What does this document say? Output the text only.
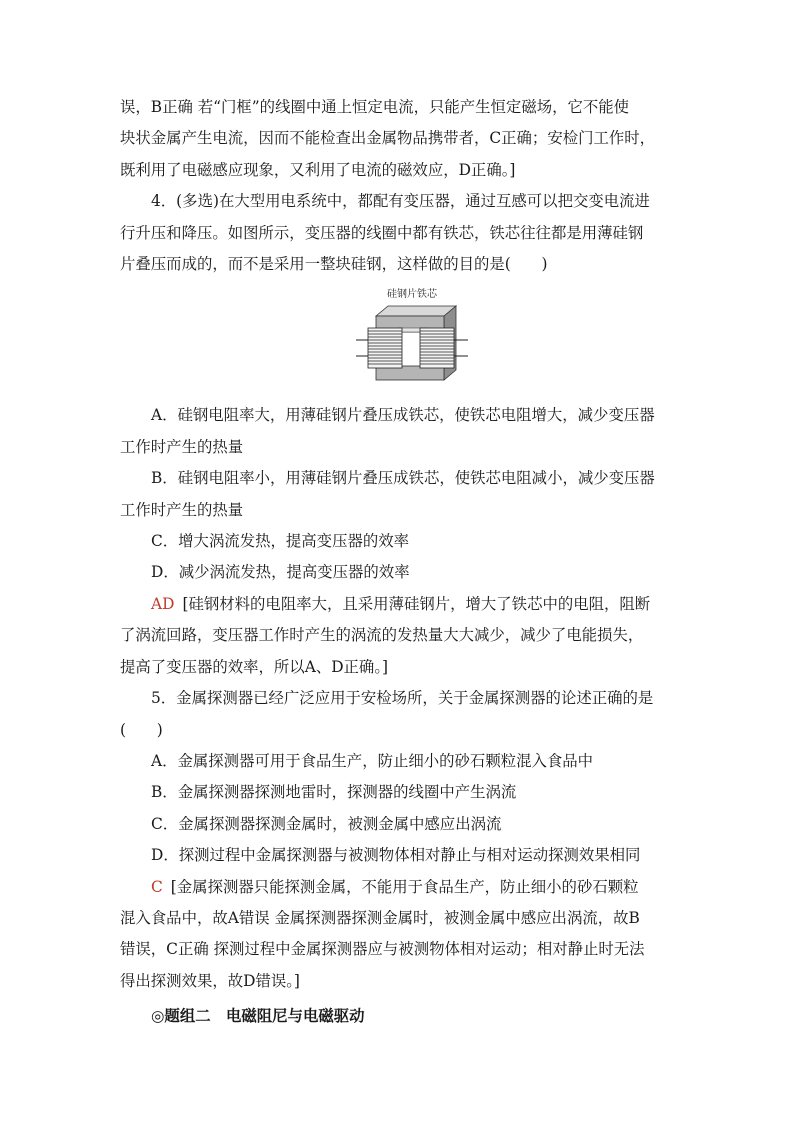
误，B正确 若“门框”的线圈中通上恒定电流，只能产生恒定磁场，它不能使

块状金属产生电流，因而不能检查出金属物品携带者，C正确；安检门工作时，

既利用了电磁感应现象，又利用了电流的磁效应，D正确。]

4．(多选)在大型用电系统中，都配有变压器，通过互感可以把交变电流进

行升压和降压。如图所示，变压器的线圈中都有铁芯，铁芯往往都是用薄硅钢

片叠压而成的，而不是采用一整块硅钢，这样做的目的是(　　)

硅钢片铁芯

A．硅钢电阻率大，用薄硅钢片叠压成铁芯，使铁芯电阻增大，减少变压器

工作时产生的热量

B．硅钢电阻率小，用薄硅钢片叠压成铁芯，使铁芯电阻减小，减少变压器

工作时产生的热量

C．增大涡流发热，提高变压器的效率

D．减少涡流发热，提高变压器的效率

AD [硅钢材料的电阻率大，且采用薄硅钢片，增大了铁芯中的电阻，阻断

了涡流回路，变压器工作时产生的涡流的发热量大大减少，减少了电能损失，

提高了变压器的效率，所以A、D正确。]

5．金属探测器已经广泛应用于安检场所，关于金属探测器的论述正确的是

(　　)

A．金属探测器可用于食品生产，防止细小的砂石颗粒混入食品中

B．金属探测器探测地雷时，探测器的线圈中产生涡流

C．金属探测器探测金属时，被测金属中感应出涡流

D．探测过程中金属探测器与被测物体相对静止与相对运动探测效果相同

C [金属探测器只能探测金属，不能用于食品生产，防止细小的砂石颗粒

混入食品中，故A错误 金属探测器探测金属时，被测金属中感应出涡流，故B

错误，C正确 探测过程中金属探测器应与被测物体相对运动；相对静止时无法

得出探测效果，故D错误。]

◎题组二　电磁阻尼与电磁驱动
